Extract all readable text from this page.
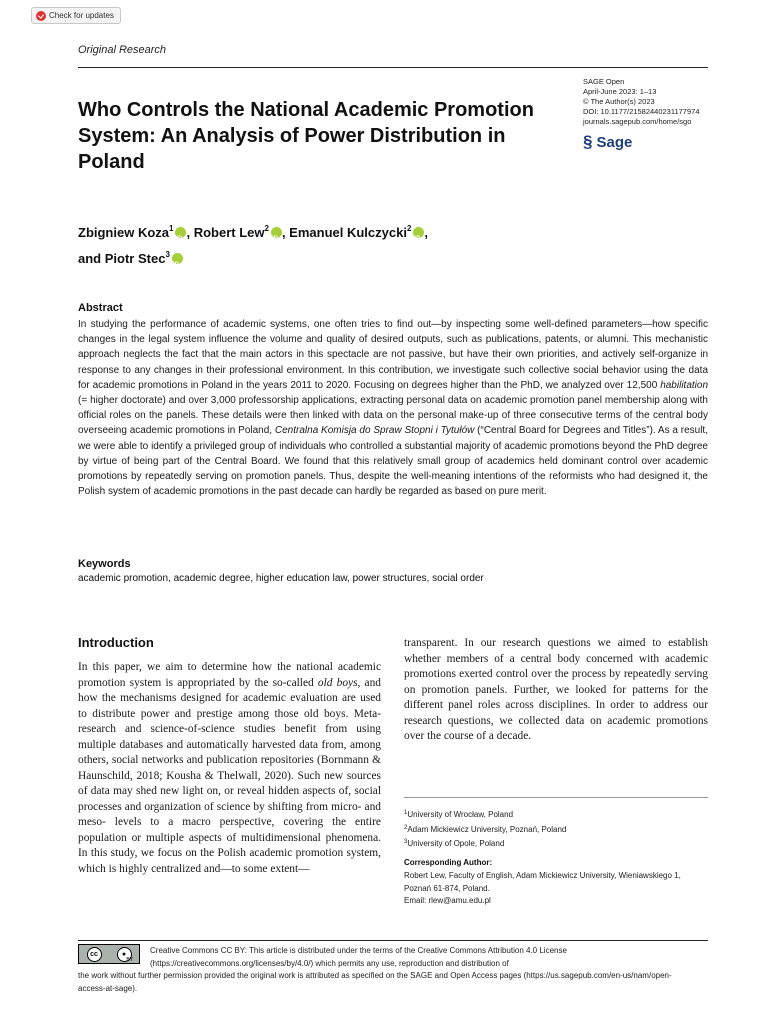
Check for updates
Original Research
SAGE Open
April-June 2023: 1–13
© The Author(s) 2023
DOI: 10.1177/21582440231177974
journals.sagepub.com/home/sgo
§ Sage
Who Controls the National Academic Promotion System: An Analysis of Power Distribution in Poland
Zbigniew Koza$^1$ iD , Robert Lew$^2$ iD , Emanuel Kulczycki$^2$ iD ,
and Piotr Stec$^3$iD
Abstract

In studying the performance of academic systems, one often tries to find out—by inspecting some well-defined parameters—how specific changes in the legal system influence the volume and quality of desired outputs, such as publications, patents, or alumni. This mechanistic approach neglects the fact that the main actors in this spectacle are not passive, but have their own priorities, and actively self-organize in response to any changes in their professional environment. In this contribution, we investigate such collective social behavior using the data for academic promotions in Poland in the years 2011 to 2020. Focusing on degrees higher than the PhD, we analyzed over 12,500 habilitation (= higher doctorate) and over 3,000 professorship applications, extracting personal data on academic promotion panel membership along with official roles on the panels. These details were then linked with data on the personal make-up of three consecutive terms of the central body overseeing academic promotions in Poland, Centralna Komisja do Spraw Stopni i Tytułów (“Central Board for Degrees and Titles”). As a result, we were able to identify a privileged group of individuals who controlled a substantial majority of academic promotions beyond the PhD degree by virtue of being part of the Central Board. We found that this relatively small group of academics held dominant control over academic promotions by repeatedly serving on promotion panels. Thus, despite the well-meaning intentions of the reformists who had designed it, the Polish system of academic promotions in the past decade can hardly be regarded as based on pure merit.

Keywords
academic promotion, academic degree, higher education law, power structures, social order
Introduction

In this paper, we aim to determine how the national academic promotion system is appropriated by the so-called old boys, and how the mechanisms designed for academic evaluation are used to distribute power and prestige among those old boys. Meta-research and science-of-science studies benefit from using multiple databases and automatically harvested data from, among others, social networks and publication repositories (Bornmann & Haunschild, 2018; Kousha & Thelwall, 2020). Such new sources of data may shed new light on, or reveal hidden aspects of, social processes and organization of science by shifting from micro- and meso- levels to a macro perspective, covering the entire population or multiple aspects of multidimensional phenomena. In this study, we focus on the Polish academic promotion system, which is highly centralized and—to some extent—

transparent. In our research questions we aimed to establish whether members of a central body concerned with academic promotions exerted control over the process by repeatedly serving on promotion panels. Further, we looked for patterns for the different panel roles across disciplines. In order to address our research questions, we collected data on academic promotions over the course of a decade.

$^1$University of Wrocław, Poland
$^2$Adam Mickiewicz University, Poznań, Poland
$^3$University of Opole, Poland
Corresponding Author:
Robert Lew, Faculty of English, Adam Mickiewicz University, Wieniawskiego 1, Poznań 61-874, Poland.
Email: rlew@amu.edu.pl
cc	●
BY
Creative Commons CC BY: This article is distributed under the terms of the Creative Commons Attribution 4.0 License (https://creativecommons.org/licenses/by/4.0/) which permits any use, reproduction and distribution of
the work without further permission provided the original work is attributed as specified on the SAGE and Open Access pages (https://us.sagepub.com/en-us/nam/open-access-at-sage).
